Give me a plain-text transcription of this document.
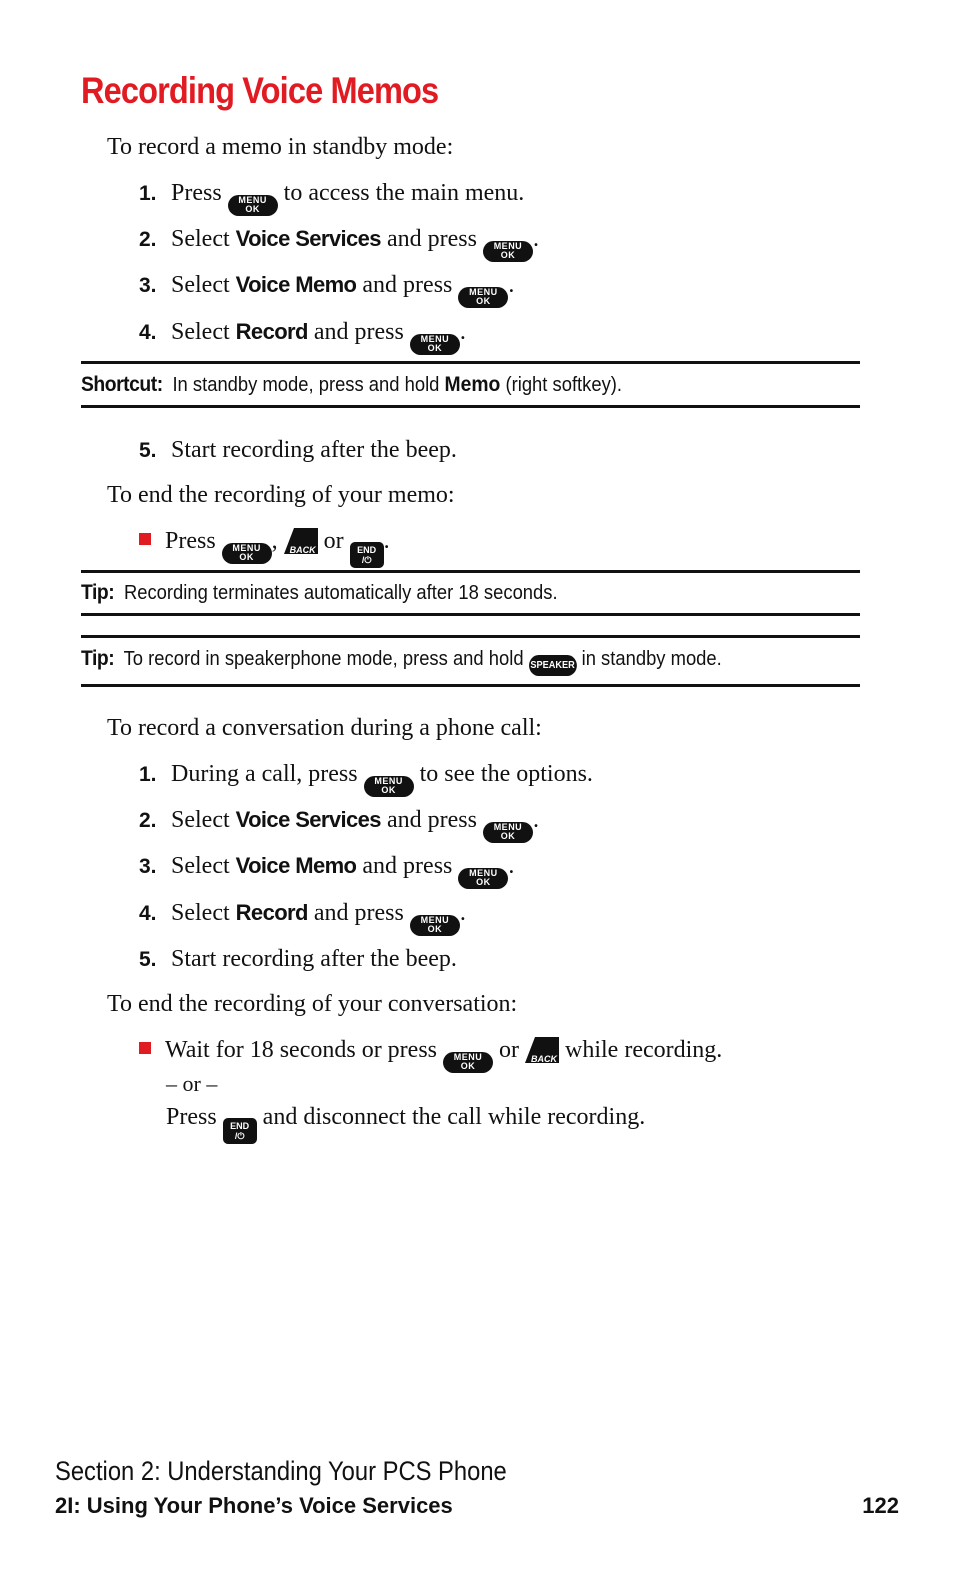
Recording Voice Memos

To record a memo in standby mode:

1. Press MENU
OK
to access the main menu.

2. Select Voice Services and press MENU
OK
.

3. Select Voice Memo and press MENU
OK
.

4. Select Record and press MENU
OK
.

Shortcut: In standby mode, press and hold Memo (right softkey).

5. Start recording after the beep.

To end the recording of your memo:

Press MENU
OK
, BACK or END
/⏻
.

Tip: Recording terminates automatically after 18 seconds.
Tip: To record in speakerphone mode, press and hold SPEAKER in standby mode.

To record a conversation during a phone call:

1. During a call, press MENU
OK
to see the options.

2. Select Voice Services and press MENU
OK
.

3. Select Voice Memo and press MENU
OK
.

4. Select Record and press MENU
OK
.

5. Start recording after the beep.

To end the recording of your conversation:

Wait for 18 seconds or press MENU
OK
or BACK while recording.

– or –

Press END
/⏻
and disconnect the call while recording.

Section 2: Understanding Your PCS Phone

2I: Using Your Phone’s Voice Services	122
